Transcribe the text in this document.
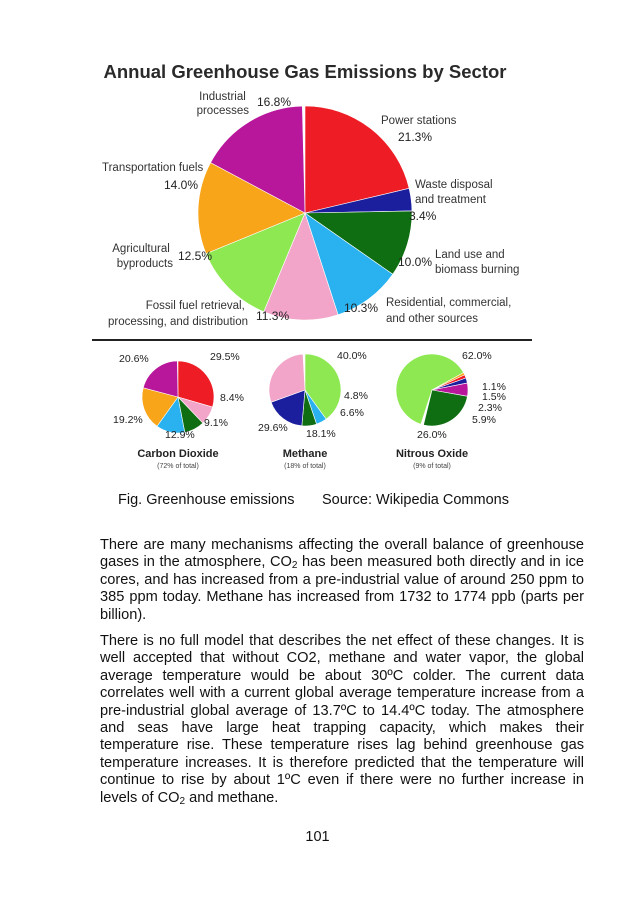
Annual Greenhouse Gas Emissions by Sector
Industrial processes
16.8%
Power stations
21.3%
Transportation fuels
14.0%	Waste disposal and treatment
3.4%
Agricultural byproducts
12.5%	10.0% Land use and biomass burning
Fossil fuel retrieval, processing, and distribution 11.3%
10.3% Residential, commercial, and other sources
20.6%	29.5%
8.4%
19.2%	9.1%
12.9%
Carbon Dioxide
(72% of total)
40.0%
4.8%
6.6%
18.1%
29.6%
Methane
(18% of total)
62.0%
1.1%
1.5%
2.3%
5.9%
26.0%
Nitrous Oxide
(9% of total)
Fig. Greenhouse emissions Source: Wikipedia Commons

There are many mechanisms affecting the overall balance of greenhouse gases in the atmosphere, $CO_2$ has been measured both directly and in ice cores, and has increased from a pre-industrial value of around 250 ppm to 385 ppm today. Methane has increased from 1732 to 1774 ppb (parts per billion).

There is no full model that describes the net effect of these changes. It is well accepted that without CO2, methane and water vapor, the global average temperature would be about 30ºC colder. The current data correlates well with a current global average temperature increase from a pre-industrial global average of 13.7ºC to 14.4ºC today. The atmosphere and seas have large heat trapping capacity, which makes their temperature rise. These temperature rises lag behind greenhouse gas temperature increases. It is therefore predicted that the temperature will continue to rise by about 1ºC even if there were no further increase in levels of $CO_2$ and methane.

101
